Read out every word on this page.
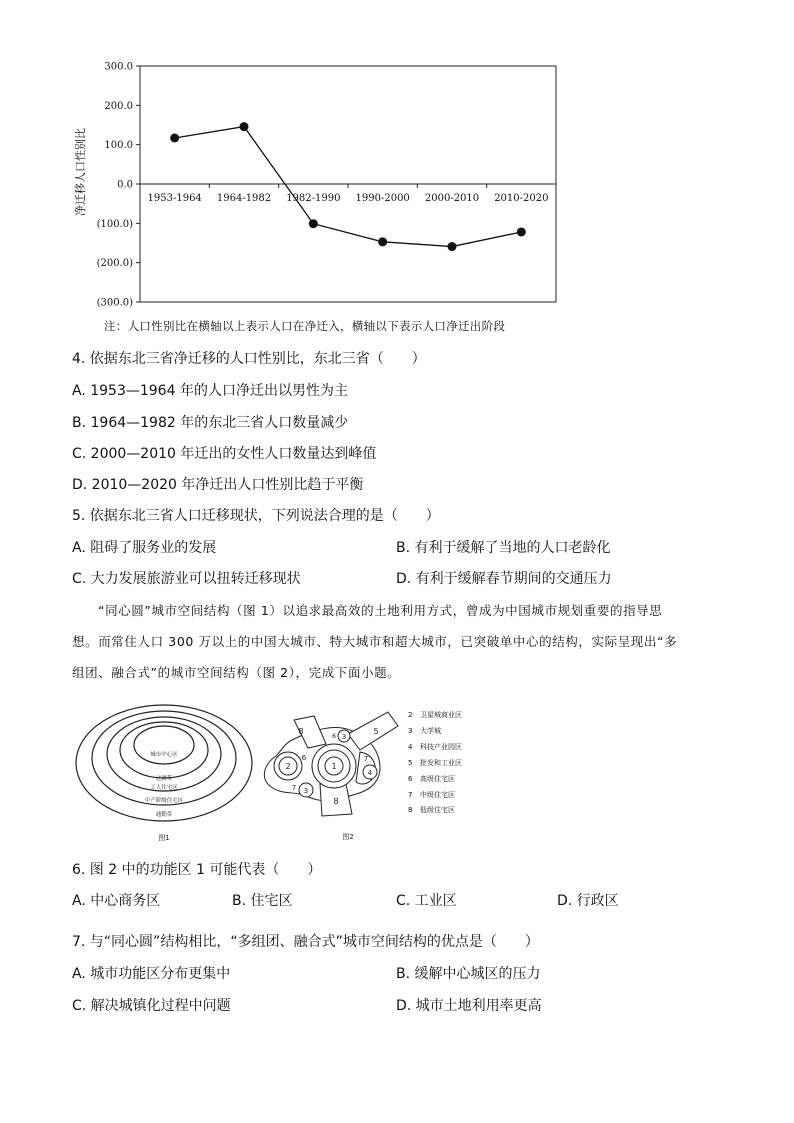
300.0
200.0
100.0
0.0
(100.0)
(200.0)
(300.0)
1953-1964 1964-1982 1982-1990 1990-2000 2000-2010 2010-2020
净迁移人口性别比
注：人口性别比在横轴以上表示人口在净迁入，横轴以下表示人口净迁出阶段
4. 依据东北三省净迁移的人口性别比，东北三省（　　）
A. 1953—1964 年的人口净迁出以男性为主
B. 1964—1982 年的东北三省人口数量减少
C. 2000—2010 年迁出的女性人口数量达到峰值
D. 2010—2020 年净迁出人口性别比趋于平衡
5. 依据东北三省人口迁移现状，下列说法合理的是（　　）
A. 阻碍了服务业的发展	B. 有利于缓解了当地的人口老龄化
C. 大力发展旅游业可以扭转迁移现状	D. 有利于缓解春节期间的交通压力

“同心圆”城市空间结构（图 1）以追求最高效的土地利用方式，曾成为中国城市规划重要的指导思

想。而常住人口 300 万以上的中国大城市、特大城市和超大城市，已突破单中心的结构，实际呈现出“多

组团、融合式”的城市空间结构（图 2），完成下面小题。

城市中心区
过渡带
工人住宅区
中产阶级住宅区
通勤带
图1
1
2
3
3
4
5
6
6
7
7
8
8
图2
2 卫星城商业区
3 大学城
4 科技产业园区
5 批发和工业区
6 高级住宅区
7 中级住宅区
8 低级住宅区
6. 图 2 中的功能区 1 可能代表（　　）
A. 中心商务区	B. 住宅区	C. 工业区	D. 行政区
7. 与“同心圆”结构相比，“多组团、融合式”城市空间结构的优点是（　　）
A. 城市功能区分布更集中	B. 缓解中心城区的压力
C. 解决城镇化过程中问题	D. 城市土地利用率更高
